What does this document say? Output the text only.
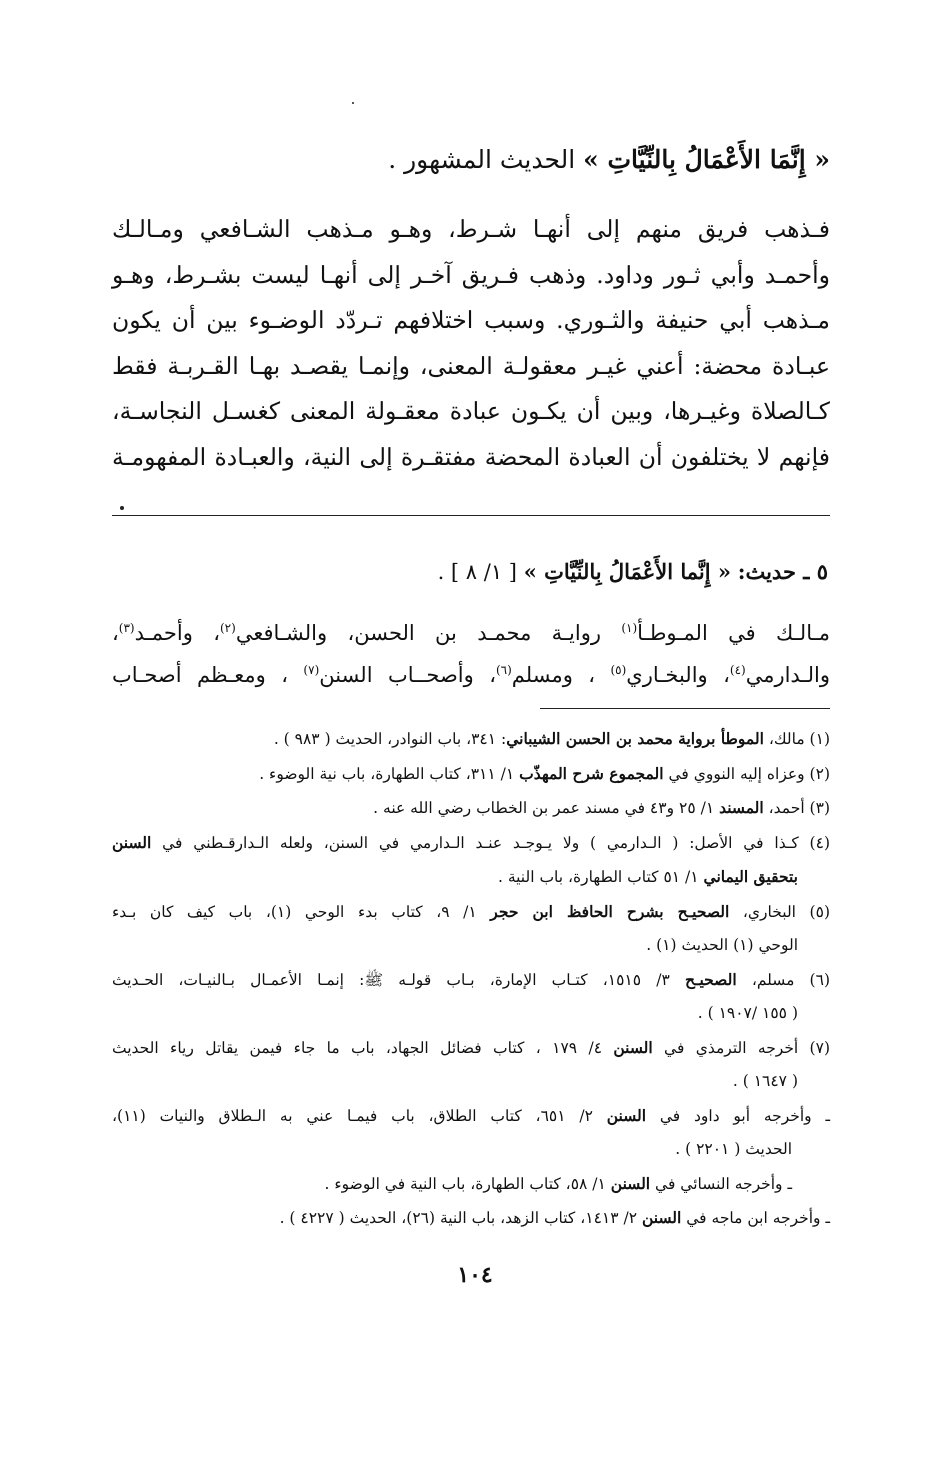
« إِنَّمَا الأَعْمَالُ بِالنِّيَّاتِ » الحديث المشهور .
فـذهب فريق منهم إلى أنهـا شـرط، وهـو مـذهب الشـافعي ومـالـك
وأحمـد وأبي ثـور وداود. وذهب فـريق آخـر إلى أنهـا ليست بشـرط، وهـو
مـذهب أبي حنيفة والثـوري. وسبب اختلافهم تـردّد الوضـوء بين أن يكون
عبـادة محضة: أعني غيـر معقولـة المعنى، وإنمـا يقصـد بهـا القـربـة فقط
كـالصلاة وغيـرها، وبين أن يكـون عبادة معقـولة المعنى كغسـل النجاسـة،
فإنهم لا يختلفون أن العبادة المحضة مفتقـرة إلى النية، والعبـادة المفهومـة
٥ ـ حديث: « إِنَّما الأَعْمَالُ بِالنِّيَّاتِ » [ ١/ ٨ ] .
مـالـك في المـوطـأ$^{(١)}$ روايـة محمـد بن الحسن، والشـافعي$^{(٢)}$، وأحمـد$^{(٣)}$،
والـدارمي$^{(٤)}$، والبخـاري$^{(٥)}$ ، ومسلم$^{(٦)}$، وأصحــاب السنن$^{(٧)}$ ، ومعـظم أصحـاب
(١) مالك، الموطأ برواية محمد بن الحسن الشيباني: ٣٤١، باب النوادر، الحديث ( ٩٨٣ ) .
(٢) وعزاه إليه النووي في المجموع شرح المهذّب ١/ ٣١١، كتاب الطهارة، باب نية الوضوء .
(٣) أحمد، المسند ١/ ٢٥ و٤٣ في مسند عمر بن الخطاب رضي الله عنه .
(٤) كـذا في الأصل: ( الـدارمي ) ولا يـوجـد عنـد الـدارمي في السنن، ولعله الـدارقـطني في السنن
بتحقيق اليماني ١/ ٥١ كتاب الطهارة، باب النية .
(٥) البخاري، الصحيـح بشرح الحافظ ابن حجر ١/ ٩، كتاب بدء الوحي (١)، باب كيف كان بـدء
الوحي (١) الحديث (١) .
(٦) مسلم، الصحيـح ٣/ ١٥١٥، كتـاب الإمارة، بـاب قولـه ﷺ: إنمـا الأعمـال بـالنيـات، الحـديث
( ١٥٥ /١٩٠٧ ) .
(٧) أخرجه الترمذي في السنن ٤/ ١٧٩ ، كتاب فضائل الجهاد، باب ما جاء فيمن يقاتل رياء الحديث
( ١٦٤٧ ) .
ـ وأخرجه أبو داود في السنن ٢/ ٦٥١، كتاب الطلاق، باب فيمـا عني به الـطلاق والنيات (١١)،
الحديث ( ٢٢٠١ ) .
ـ وأخرجه النسائي في السنن ١/ ٥٨، كتاب الطهارة، باب النية في الوضوء .
ـ وأخرجه ابن ماجه في السنن ٢/ ١٤١٣، كتاب الزهد، باب النية (٢٦)، الحديث ( ٤٢٢٧ ) .
١٠٤
